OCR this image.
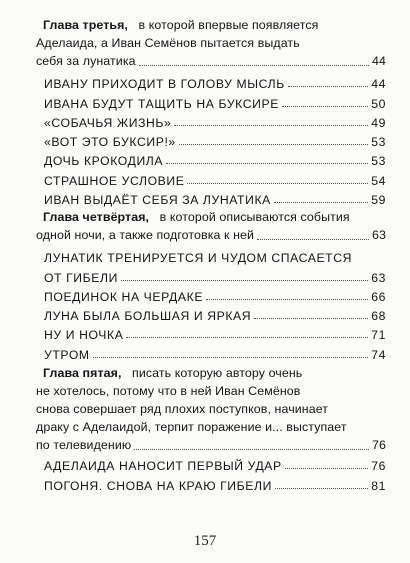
Глава третья, в которой впервые появляется
Аделаида, а Иван Семёнов пытается выдать
себя за лунатика	44
ИВАНУ ПРИХОДИТ В ГОЛОВУ МЫСЛЬ	44
ИВАНА БУДУТ ТАЩИТЬ НА БУКСИРЕ	50
«СОБАЧЬЯ ЖИЗНЬ»	49
«ВОТ ЭТО БУКСИР!»	53
ДОЧЬ КРОКОДИЛА	53
СТРАШНОЕ УСЛОВИЕ	54
ИВАН ВЫДАЁТ СЕБЯ ЗА ЛУНАТИКА	59
Глава четвёртая, в которой описываются события
одной ночи, а также подготовка к ней	63
ЛУНАТИК ТРЕНИРУЕТСЯ И ЧУДОМ СПАСАЕТСЯ
ОТ ГИБЕЛИ	63
ПОЕДИНОК НА ЧЕРДАКЕ	66
ЛУНА БЫЛА БОЛЬШАЯ И ЯРКАЯ	68
НУ И НОЧКА	71
УТРОМ	74
Глава пятая, писать которую автору очень
не хотелось, потому что в ней Иван Семёнов
снова совершает ряд плохих поступков, начинает
драку с Аделаидой, терпит поражение и... выступает
по телевидению	76
АДЕЛАИДА НАНОСИТ ПЕРВЫЙ УДАР	76
ПОГОНЯ. СНОВА НА КРАЮ ГИБЕЛИ	81
157
